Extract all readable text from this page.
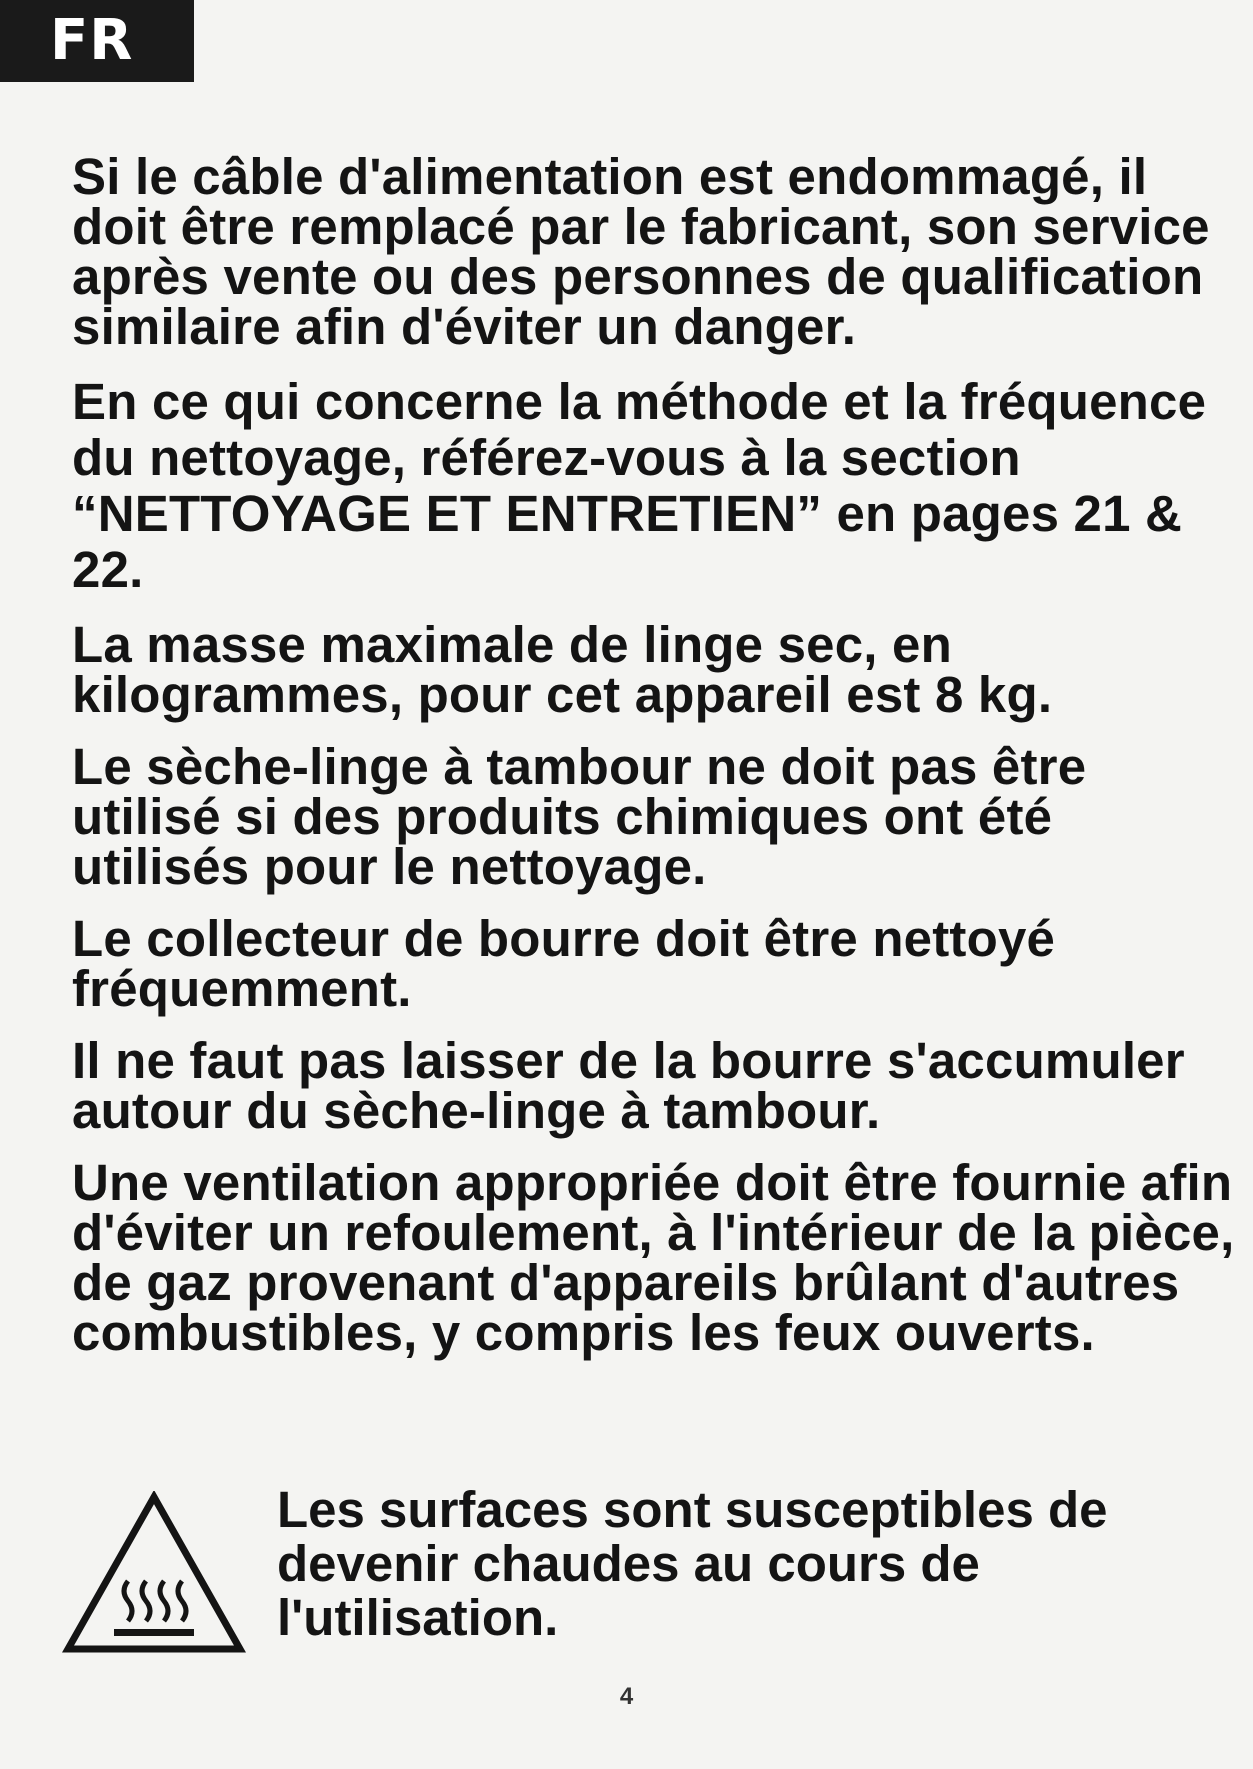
FR

Si le câble d'alimentation est endommagé, il doit être remplacé par le fabricant, son service après vente ou des personnes de qualification similaire afin d'éviter un danger.

En ce qui concerne la méthode et la fréquence du nettoyage, référez-vous à la section “NETTOYAGE ET ENTRETIEN” en pages 21 & 22.

La masse maximale de linge sec, en kilogrammes, pour cet appareil est 8 kg.

Le sèche-linge à tambour ne doit pas être utilisé si des produits chimiques ont été utilisés pour le nettoyage.

Le collecteur de bourre doit être nettoyé fréquemment.

Il ne faut pas laisser de la bourre s'accumuler autour du sèche-linge à tambour.

Une ventilation appropriée doit être fournie afin d'éviter un refoulement, à l'intérieur de la pièce, de gaz provenant d'appareils brûlant d'autres combustibles, y compris les feux ouverts.

Les surfaces sont susceptibles de devenir chaudes au cours de l'utilisation.

4
